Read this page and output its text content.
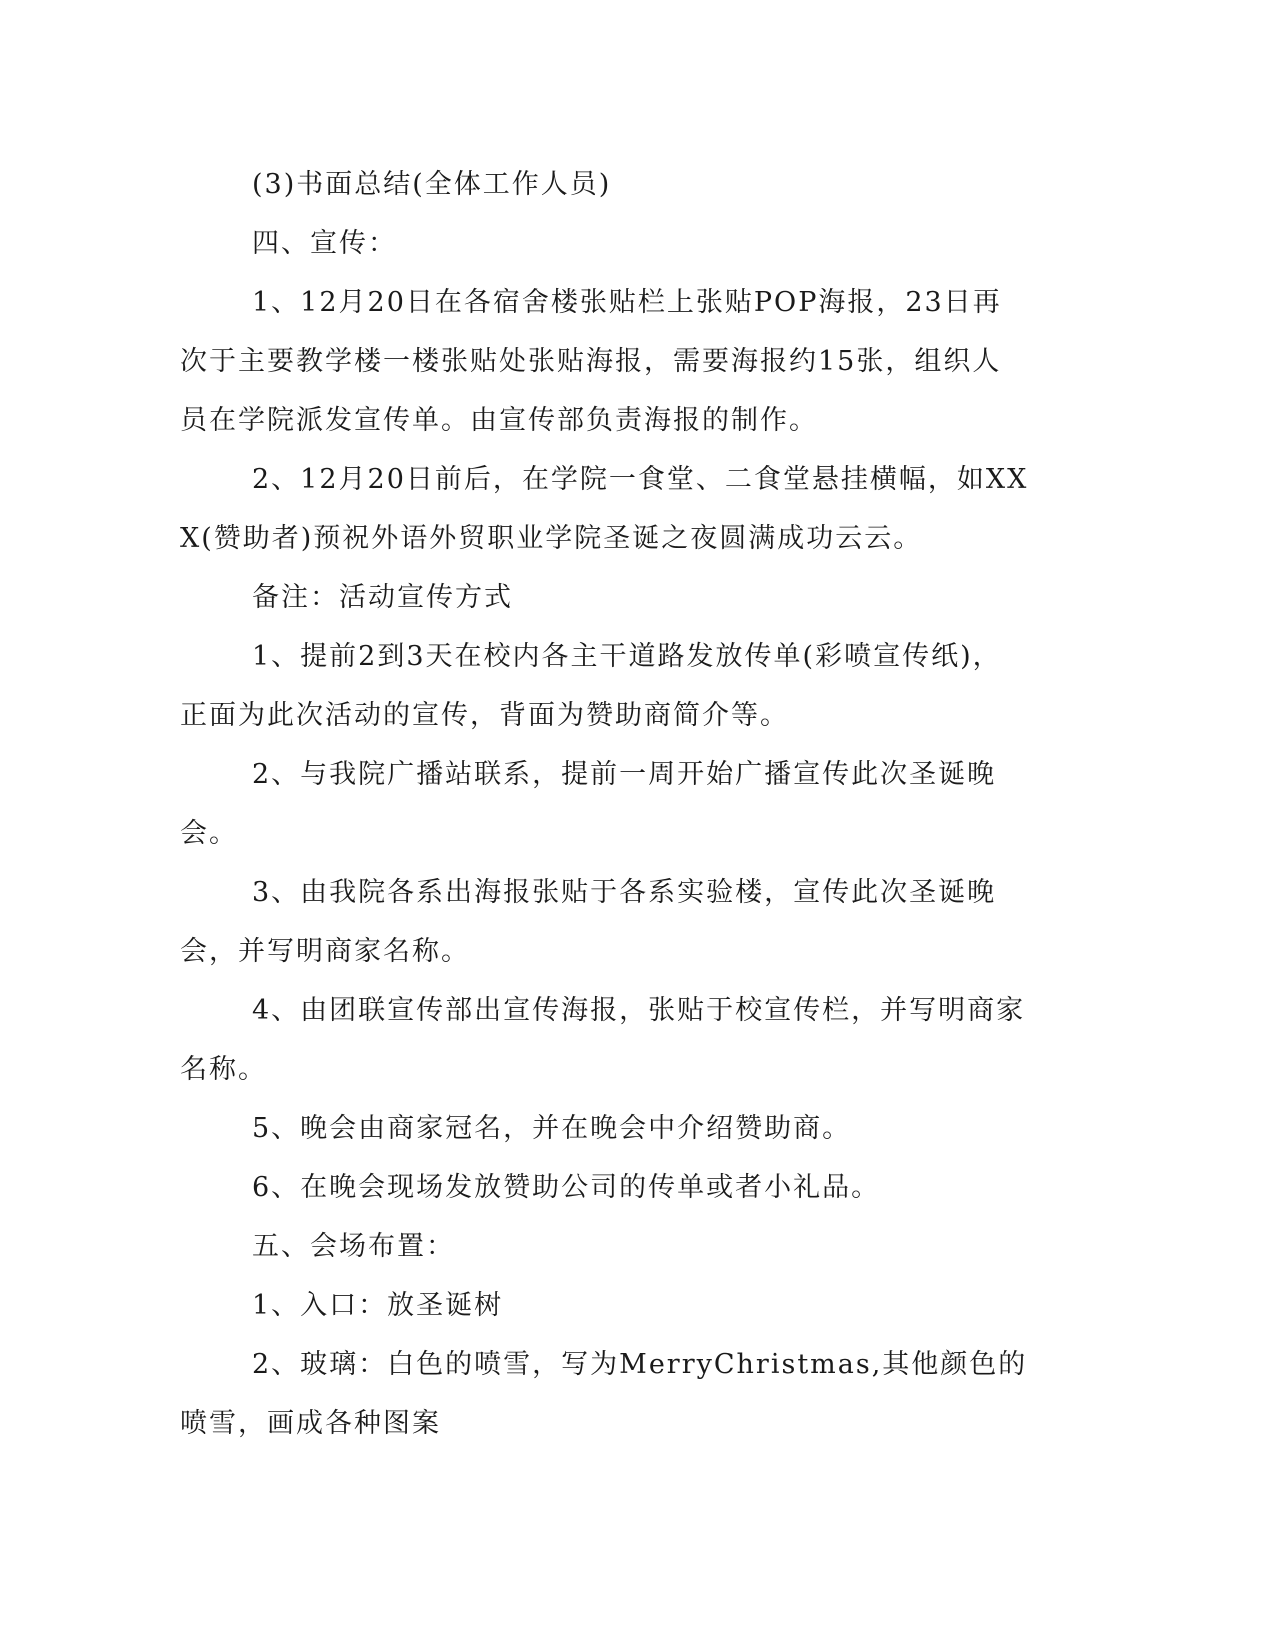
(3)书面总结(全体工作人员)

四、宣传：

1、12月20日在各宿舍楼张贴栏上张贴POP海报，23日再次于主要教学楼一楼张贴处张贴海报，需要海报约15张，组织人员在学院派发宣传单。由宣传部负责海报的制作。

2、12月20日前后，在学院一食堂、二食堂悬挂横幅，如XXX(赞助者)预祝外语外贸职业学院圣诞之夜圆满成功云云。

备注：活动宣传方式

1、提前2到3天在校内各主干道路发放传单(彩喷宣传纸)，正面为此次活动的宣传，背面为赞助商简介等。

2、与我院广播站联系，提前一周开始广播宣传此次圣诞晚会。

3、由我院各系出海报张贴于各系实验楼，宣传此次圣诞晚会，并写明商家名称。

4、由团联宣传部出宣传海报，张贴于校宣传栏，并写明商家名称。

5、晚会由商家冠名，并在晚会中介绍赞助商。

6、在晚会现场发放赞助公司的传单或者小礼品。

五、会场布置：

1、入口：放圣诞树

2、玻璃：白色的喷雪，写为MerryChristmas,其他颜色的喷雪，画成各种图案
